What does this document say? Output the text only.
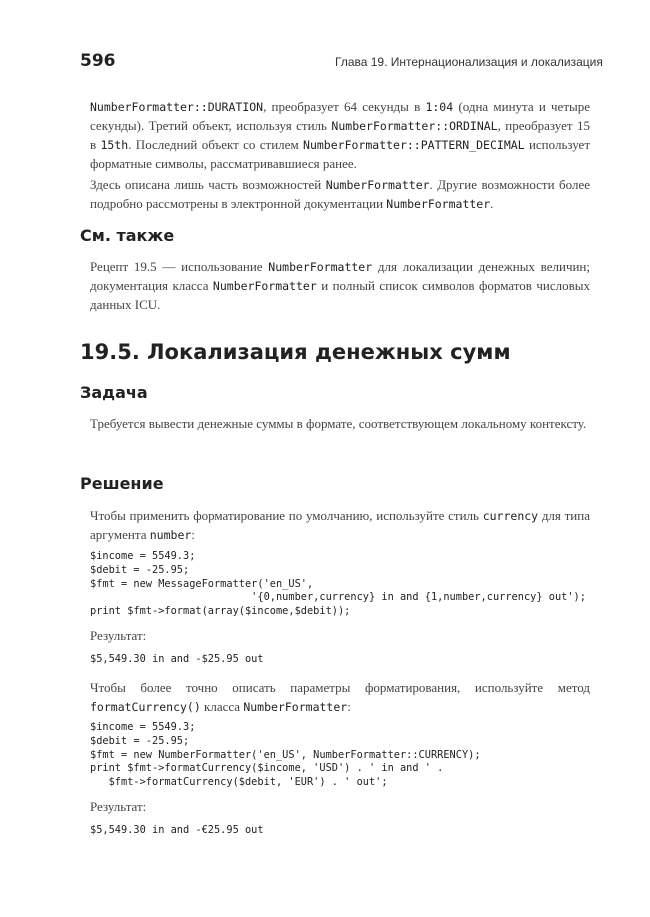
596	Глава 19. Интернационализация и локализация
NumberFormatter::DURATION, преобразует 64 секунды в 1:04 (одна минута и четыре секунды). Третий объект, используя стиль NumberFormatter::ORDINAL, преобразует 15 в 15th. Последний объект со стилем NumberFormatter::PATTERN_DECIMAL использует форматные символы, рассматривавшиеся ранее.
Здесь описана лишь часть возможностей NumberFormatter. Другие возможности более подробно рассмотрены в электронной документации NumberFormatter.
См. также
Рецепт 19.5 — использование NumberFormatter для локализации денежных величин; документация класса NumberFormatter и полный список символов форматов числовых данных ICU.
19.5. Локализация денежных сумм
Задача
Требуется вывести денежные суммы в формате, соответствующем локальному контексту.
Решение
Чтобы применить форматирование по умолчанию, используйте стиль currency для типа аргумента number:
$income = 5549.3;
$debit = -25.95;
$fmt = new MessageFormatter('en_US',
'{0,number,currency} in and {1,number,currency} out');
print $fmt->format(array($income,$debit));
Результат:
$5,549.30 in and -$25.95 out
Чтобы более точно описать параметры форматирования, используйте метод formatCurrency() класса NumberFormatter:
$income = 5549.3;
$debit = -25.95;
$fmt = new NumberFormatter('en_US', NumberFormatter::CURRENCY);
print $fmt->formatCurrency($income, 'USD') . ' in and ' .
$fmt->formatCurrency($debit, 'EUR') . ' out';
Результат:
$5,549.30 in and -€25.95 out
